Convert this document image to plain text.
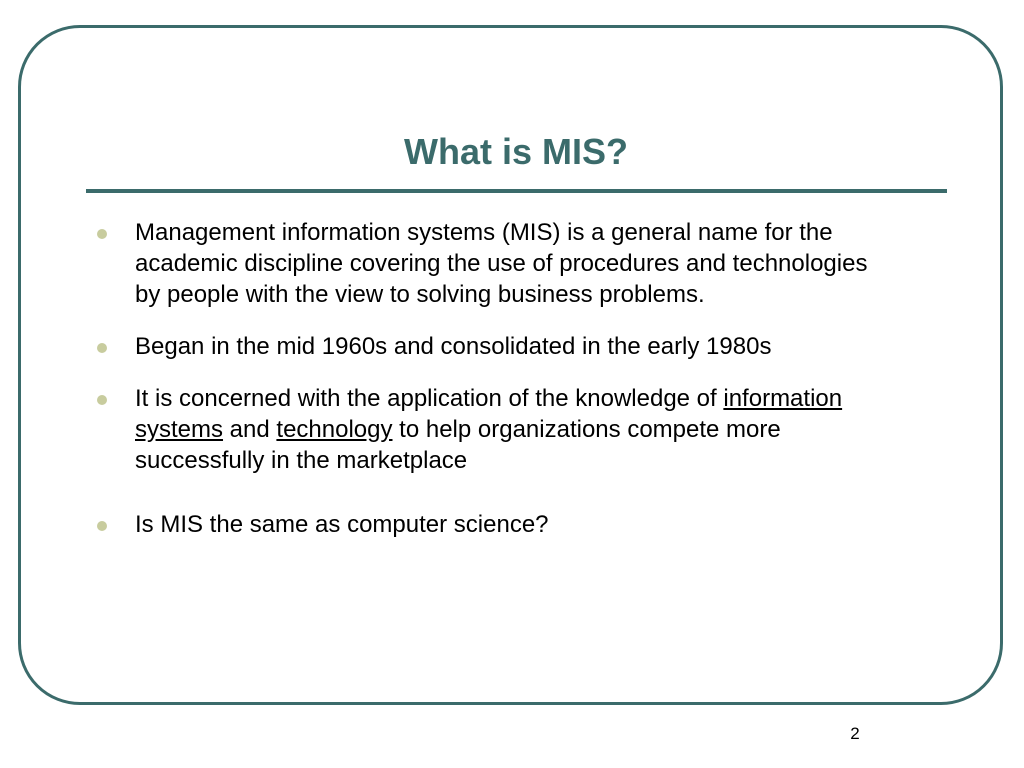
What is MIS?
Management information systems (MIS) is a general name for the academic discipline covering the use of procedures and technologies by people with the view to solving business problems.
Began in the mid 1960s and consolidated in the early 1980s
It is concerned with the application of the knowledge of information systems and technology to help organizations compete more successfully in the marketplace
Is MIS the same as computer science?
2
